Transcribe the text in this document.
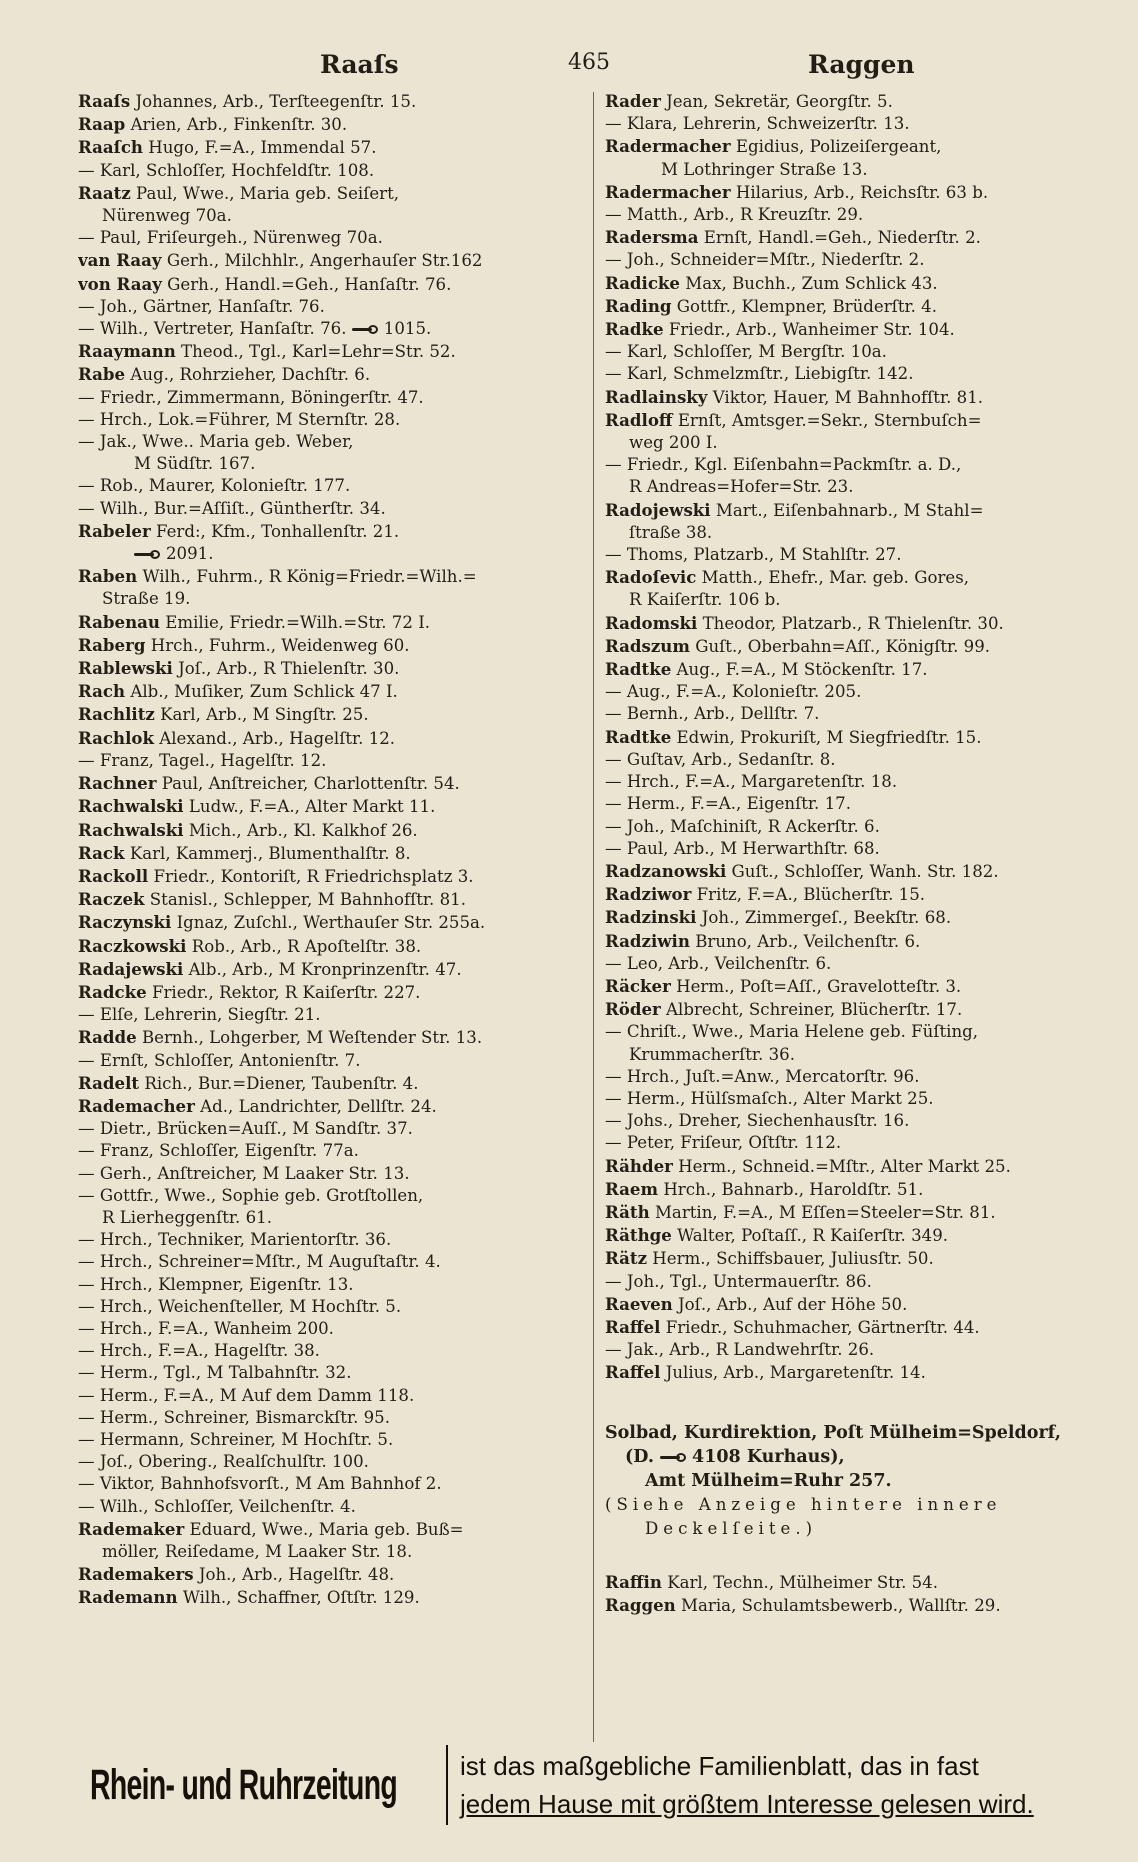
Raaſs	465	Raggen
Raaſs Johannes, Arb., Terſteegenſtr. 15.
Raap Arien, Arb., Finkenſtr. 30.
Raaſch Hugo, F.=A., Immendal 57.
— Karl, Schloſſer, Hochfeldſtr. 108.
Raatz Paul, Wwe., Maria geb. Seiſert,
Nürenweg 70a.
— Paul, Friſeurgeh., Nürenweg 70a.
van Raay Gerh., Milchhlr., Angerhauſer Str.162
von Raay Gerh., Handl.=Geh., Hanſaſtr. 76.
— Joh., Gärtner, Hanſaſtr. 76.
— Wilh., Vertreter, Hanſaſtr. 76. 1015.
Raaymann Theod., Tgl., Karl=Lehr=Str. 52.
Rabe Aug., Rohrzieher, Dachſtr. 6.
— Friedr., Zimmermann, Böningerſtr. 47.
— Hrch., Lok.=Führer, M Sternſtr. 28.
— Jak., Wwe.. Maria geb. Weber,
M Südſtr. 167.
— Rob., Maurer, Kolonieſtr. 177.
— Wilh., Bur.=Aſſiſt., Güntherſtr. 34.
Rabeler Ferd:, Kfm., Tonhallenſtr. 21.
2091.
Raben Wilh., Fuhrm., R König=Friedr.=Wilh.=
Straße 19.
Rabenau Emilie, Friedr.=Wilh.=Str. 72 I.
Raberg Hrch., Fuhrm., Weidenweg 60.
Rablewski Joſ., Arb., R Thielenſtr. 30.
Rach Alb., Muſiker, Zum Schlick 47 I.
Rachlitz Karl, Arb., M Singſtr. 25.
Rachlok Alexand., Arb., Hagelſtr. 12.
— Franz, Tagel., Hagelſtr. 12.
Rachner Paul, Anſtreicher, Charlottenſtr. 54.
Rachwalski Ludw., F.=A., Alter Markt 11.
Rachwalski Mich., Arb., Kl. Kalkhof 26.
Rack Karl, Kammerj., Blumenthalſtr. 8.
Rackoll Friedr., Kontoriſt, R Friedrichsplatz 3.
Raczek Stanisl., Schlepper, M Bahnhofſtr. 81.
Raczynski Ignaz, Zuſchl., Werthauſer Str. 255a.
Raczkowski Rob., Arb., R Apoſtelſtr. 38.
Radajewski Alb., Arb., M Kronprinzenſtr. 47.
Radcke Friedr., Rektor, R Kaiſerſtr. 227.
— Elſe, Lehrerin, Siegſtr. 21.
Radde Bernh., Lohgerber, M Weſtender Str. 13.
— Ernſt, Schloſſer, Antonienſtr. 7.
Radelt Rich., Bur.=Diener, Taubenſtr. 4.
Rademacher Ad., Landrichter, Dellſtr. 24.
— Dietr., Brücken=Auſſ., M Sandſtr. 37.
— Franz, Schloſſer, Eigenſtr. 77a.
— Gerh., Anſtreicher, M Laaker Str. 13.
— Gottfr., Wwe., Sophie geb. Grotſtollen,
R Lierheggenſtr. 61.
— Hrch., Techniker, Marientorſtr. 36.
— Hrch., Schreiner=Mſtr., M Auguſtaſtr. 4.
— Hrch., Klempner, Eigenſtr. 13.
— Hrch., Weichenſteller, M Hochſtr. 5.
— Hrch., F.=A., Wanheim 200.
— Hrch., F.=A., Hagelſtr. 38.
— Herm., Tgl., M Talbahnſtr. 32.
— Herm., F.=A., M Auf dem Damm 118.
— Herm., Schreiner, Bismarckſtr. 95.
— Hermann, Schreiner, M Hochſtr. 5.
— Joſ., Obering., Realſchulſtr. 100.
— Viktor, Bahnhofsvorſt., M Am Bahnhof 2.
— Wilh., Schloſſer, Veilchenſtr. 4.
Rademaker Eduard, Wwe., Maria geb. Buß=
möller, Reiſedame, M Laaker Str. 18.
Rademakers Joh., Arb., Hagelſtr. 48.
Rademann Wilh., Schaffner, Oſtſtr. 129.
Rader Jean, Sekretär, Georgſtr. 5.
— Klara, Lehrerin, Schweizerſtr. 13.
Radermacher Egidius, Polizeiſergeant,
M Lothringer Straße 13.
Radermacher Hilarius, Arb., Reichsſtr. 63 b.
— Matth., Arb., R Kreuzſtr. 29.
Radersma Ernſt, Handl.=Geh., Niederſtr. 2.
— Joh., Schneider=Mſtr., Niederſtr. 2.
Radicke Max, Buchh., Zum Schlick 43.
Rading Gottfr., Klempner, Brüderſtr. 4.
Radke Friedr., Arb., Wanheimer Str. 104.
— Karl, Schloſſer, M Bergſtr. 10a.
— Karl, Schmelzmſtr., Liebigſtr. 142.
Radlainsky Viktor, Hauer, M Bahnhofſtr. 81.
Radloff Ernſt, Amtsger.=Sekr., Sternbuſch=
weg 200 I.
— Friedr., Kgl. Eiſenbahn=Packmſtr. a. D.,
R Andreas=Hofer=Str. 23.
Radojewski Mart., Eiſenbahnarb., M Stahl=
ſtraße 38.
— Thoms, Platzarb., M Stahlſtr. 27.
Radoſevic Matth., Ehefr., Mar. geb. Gores,
R Kaiſerſtr. 106 b.
Radomski Theodor, Platzarb., R Thielenſtr. 30.
Radszum Guſt., Oberbahn=Aſſ., Königſtr. 99.
Radtke Aug., F.=A., M Stöckenſtr. 17.
— Aug., F.=A., Kolonieſtr. 205.
— Bernh., Arb., Dellſtr. 7.
Radtke Edwin, Prokuriſt, M Siegfriedſtr. 15.
— Guſtav, Arb., Sedanſtr. 8.
— Hrch., F.=A., Margaretenſtr. 18.
— Herm., F.=A., Eigenſtr. 17.
— Joh., Maſchiniſt, R Ackerſtr. 6.
— Paul, Arb., M Herwarthſtr. 68.
Radzanowski Guſt., Schloſſer, Wanh. Str. 182.
Radziwor Fritz, F.=A., Blücherſtr. 15.
Radzinski Joh., Zimmergeſ., Beekſtr. 68.
Radziwin Bruno, Arb., Veilchenſtr. 6.
— Leo, Arb., Veilchenſtr. 6.
Räcker Herm., Poſt=Aſſ., Gravelotteſtr. 3.
Röder Albrecht, Schreiner, Blücherſtr. 17.
— Chriſt., Wwe., Maria Helene geb. Füſting,
Krummacherſtr. 36.
— Hrch., Juſt.=Anw., Mercatorſtr. 96.
— Herm., Hülſsmaſch., Alter Markt 25.
— Johs., Dreher, Siechenhausſtr. 16.
— Peter, Friſeur, Oſtſtr. 112.
Rähder Herm., Schneid.=Mſtr., Alter Markt 25.
Raem Hrch., Bahnarb., Haroldſtr. 51.
Räth Martin, F.=A., M Eſſen=Steeler=Str. 81.
Räthge Walter, Poſtaſſ., R Kaiſerſtr. 349.
Rätz Herm., Schiffsbauer, Juliusſtr. 50.
— Joh., Tgl., Untermauerſtr. 86.
Raeven Joſ., Arb., Auf der Höhe 50.
Raffel Friedr., Schuhmacher, Gärtnerſtr. 44.
— Jak., Arb., R Landwehrſtr. 26.
Raffel Julius, Arb., Margaretenſtr. 14.
Solbad, Kurdirektion, Poſt Mülheim=Speldorf,
(D. 4108 Kurhaus),
Amt Mülheim=Ruhr 257.
(Siehe Anzeige hintere innere
Deckelſeite.)
Raffin Karl, Techn., Mülheimer Str. 54.
Raggen Maria, Schulamtsbewerb., Wallſtr. 29.
Rhein- und Ruhrzeitung ist das maßgebliche Familienblatt, das in fast
jedem Hause mit größtem Interesse gelesen wird.
